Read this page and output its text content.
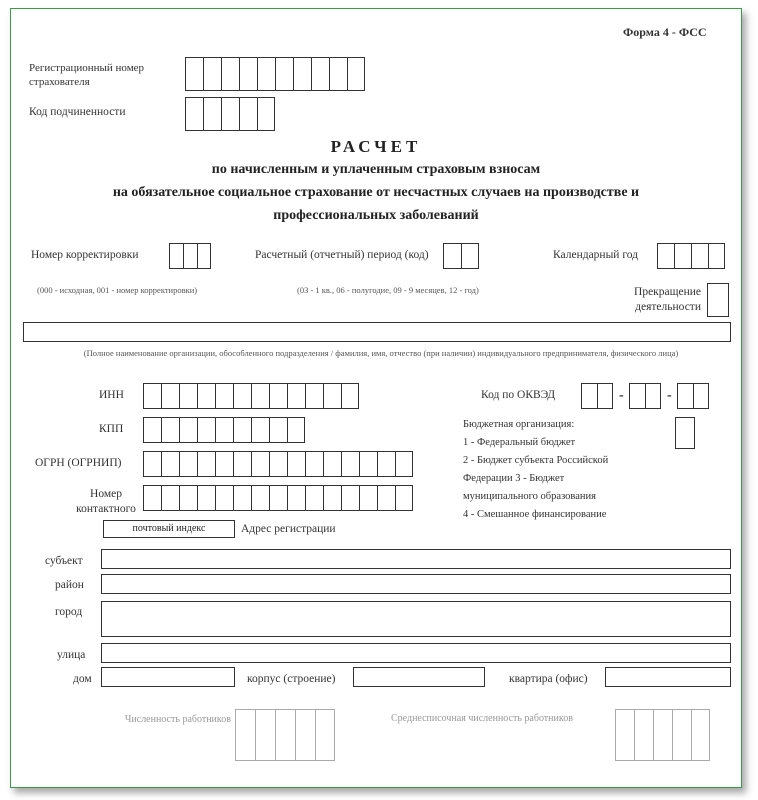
Форма 4 - ФСС
Регистрационный номер страхователя
Код подчиненности
РАСЧЕТ
по начисленным и уплаченным страховым взносам
на обязательное социальное страхование от несчастных случаев на производстве и
профессиональных заболеваний
Номер корректировки	Расчетный (отчетный) период (код)	Календарный год
(000 - исходная, 001 - номер корректировки)	(03 - 1 кв., 06 - полугодие, 09 - 9 месяцев, 12 - год)	Прекращение деятельности
(Полное наименование организации, обособленного подразделения / фамилия, имя, отчество (при наличии) индивидуального предпринимателя, физического лица)
ИНН	Код по ОКВЭД	-	-
КПП	Бюджетная организация:
1 - Федеральный бюджет
2 - Бюджет субъекта Российской
Федерации 3 - Бюджет
муниципального образования
4 - Смешанное финансирование
ОГРН (ОГРНИП)
Номер контактного
почтовый индекс	Адрес регистрации
субъект
район
город
улица
дом	корпус (строение)	квартира (офис)
Численность работников	Среднесписочная численность работников
